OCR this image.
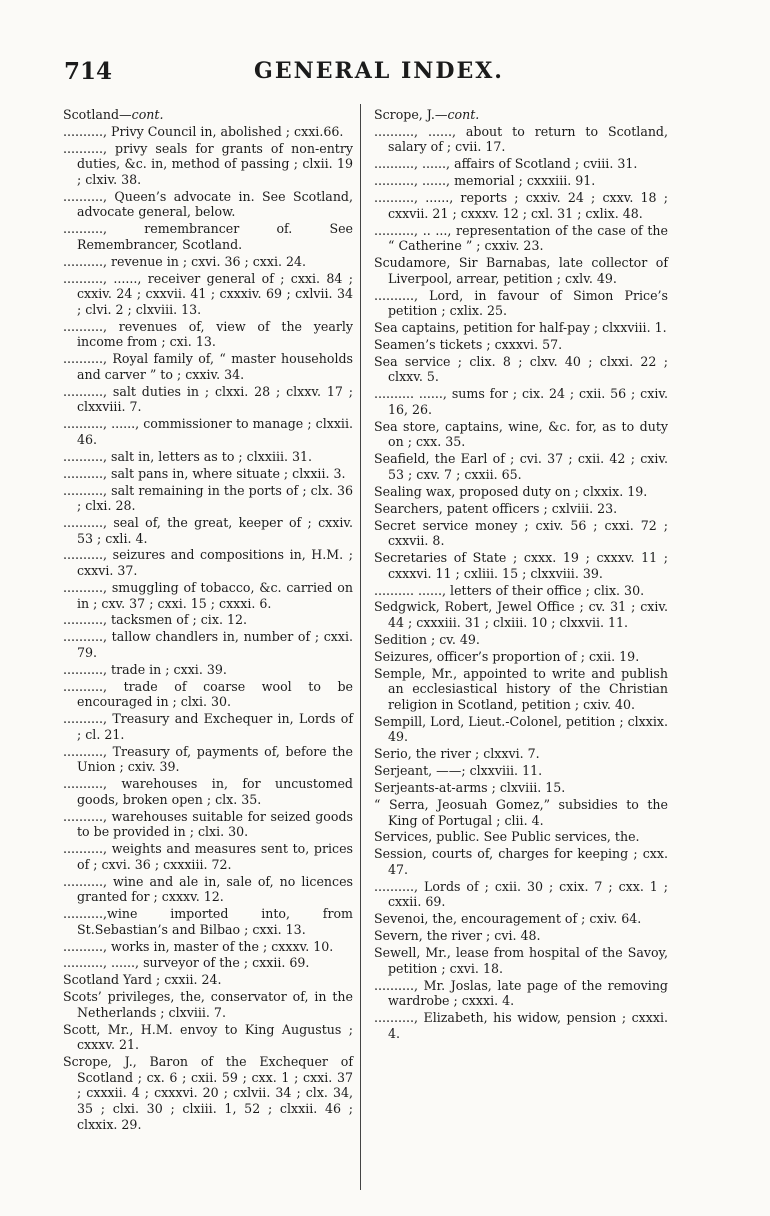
714	GENERAL INDEX.
Scotland—cont.
.........., Privy Council in, abolished ; cxxi.66.
.........., privy seals for grants of non-entry duties, &c. in, method of passing ; clxii. 19 ; clxiv. 38.
.........., Queen’s advocate in. See Scotland, advocate general, below.
.........., remembrancer of. See Remembrancer, Scotland.
.........., revenue in ; cxvi. 36 ; cxxi. 24.
.........., ......, receiver general of ; cxxi. 84 ; cxxiv. 24 ; cxxvii. 41 ; cxxxiv. 69 ; cxlvii. 34 ; clvi. 2 ; clxviii. 13.
.........., revenues of, view of the yearly income from ; cxi. 13.
.........., Royal family of, “ master households and carver ” to ; cxxiv. 34.
.........., salt duties in ; clxxi. 28 ; clxxv. 17 ; clxxviii. 7.
.........., ......, commissioner to manage ; clxxii. 46.
.........., salt in, letters as to ; clxxiii. 31.
.........., salt pans in, where situate ; clxxii. 3.
.........., salt remaining in the ports of ; clx. 36 ; clxi. 28.
.........., seal of, the great, keeper of ; cxxiv. 53 ; cxli. 4.
.........., seizures and compositions in, H.M. ; cxxvi. 37.
.........., smuggling of tobacco, &c. carried on in ; cxv. 37 ; cxxi. 15 ; cxxxi. 6.
.........., tacksmen of ; cix. 12.
.........., tallow chandlers in, number of ; cxxi. 79.
.........., trade in ; cxxi. 39.
.........., trade of coarse wool to be encouraged in ; clxi. 30.
.........., Treasury and Exchequer in, Lords of ; cl. 21.
.........., Treasury of, payments of, before the Union ; cxiv. 39.
.........., warehouses in, for uncustomed goods, broken open ; clx. 35.
.........., warehouses suitable for seized goods to be provided in ; clxi. 30.
.........., weights and measures sent to, prices of ; cxvi. 36 ; cxxxiii. 72.
.........., wine and ale in, sale of, no licences granted for ; cxxxv. 12.
..........,wine imported into, from St.Sebastian’s and Bilbao ; cxxi. 13.
.........., works in, master of the ; cxxxv. 10.
.........., ......, surveyor of the ; cxxii. 69.
Scotland Yard ; cxxii. 24.
Scots’ privileges, the, conservator of, in the Netherlands ; clxviii. 7.
Scott, Mr., H.M. envoy to King Augustus ; cxxxv. 21.
Scrope, J., Baron of the Exchequer of Scotland ; cx. 6 ; cxii. 59 ; cxx. 1 ; cxxi. 37 ; cxxxii. 4 ; cxxxvi. 20 ; cxlvii. 34 ; clx. 34, 35 ; clxi. 30 ; clxiii. 1, 52 ; clxxii. 46 ; clxxix. 29.
Scrope, J.—cont.
.........., ......, about to return to Scotland, salary of ; cvii. 17.
.........., ......, affairs of Scotland ; cviii. 31.
.........., ......, memorial ; cxxxiii. 91.
.........., ......, reports ; cxxiv. 24 ; cxxv. 18 ; cxxvii. 21 ; cxxxv. 12 ; cxl. 31 ; cxlix. 48.
.........., .. ..., representation of the case of the “ Catherine ” ; cxxiv. 23.
Scudamore, Sir Barnabas, late collector of Liverpool, arrear, petition ; cxlv. 49.
.........., Lord, in favour of Simon Price’s petition ; cxlix. 25.
Sea captains, petition for half-pay ; clxxviii. 1.
Seamen’s tickets ; cxxxvi. 57.
Sea service ; clix. 8 ; clxv. 40 ; clxxi. 22 ; clxxv. 5.
.......... ......, sums for ; cix. 24 ; cxii. 56 ; cxiv. 16, 26.
Sea store, captains, wine, &c. for, as to duty on ; cxx. 35.
Seafield, the Earl of ; cvi. 37 ; cxii. 42 ; cxiv. 53 ; cxv. 7 ; cxxii. 65.
Sealing wax, proposed duty on ; clxxix. 19.
Searchers, patent officers ; cxlviii. 23.
Secret service money ; cxiv. 56 ; cxxi. 72 ; cxxvii. 8.
Secretaries of State ; cxxx. 19 ; cxxxv. 11 ; cxxxvi. 11 ; cxliii. 15 ; clxxviii. 39.
.......... ......, letters of their office ; clix. 30.
Sedgwick, Robert, Jewel Office ; cv. 31 ; cxiv. 44 ; cxxxiii. 31 ; clxiii. 10 ; clxxvii. 11.
Sedition ; cv. 49.
Seizures, officer’s proportion of ; cxii. 19.
Semple, Mr., appointed to write and publish an ecclesiastical history of the Christian religion in Scotland, petition ; cxiv. 40.
Sempill, Lord, Lieut.-Colonel, petition ; clxxix. 49.
Serio, the river ; clxxvi. 7.
Serjeant, ——; clxxviii. 11.
Serjeants-at-arms ; clxviii. 15.
“ Serra, Jeosuah Gomez,” subsidies to the King of Portugal ; clii. 4.
Services, public. See Public services, the.
Session, courts of, charges for keeping ; cxx. 47.
.........., Lords of ; cxii. 30 ; cxix. 7 ; cxx. 1 ; cxxii. 69.
Sevenoi, the, encouragement of ; cxiv. 64.
Severn, the river ; cvi. 48.
Sewell, Mr., lease from hospital of the Savoy, petition ; cxvi. 18.
.........., Mr. Joslas, late page of the removing wardrobe ; cxxxi. 4.
.........., Elizabeth, his widow, pension ; cxxxi. 4.
